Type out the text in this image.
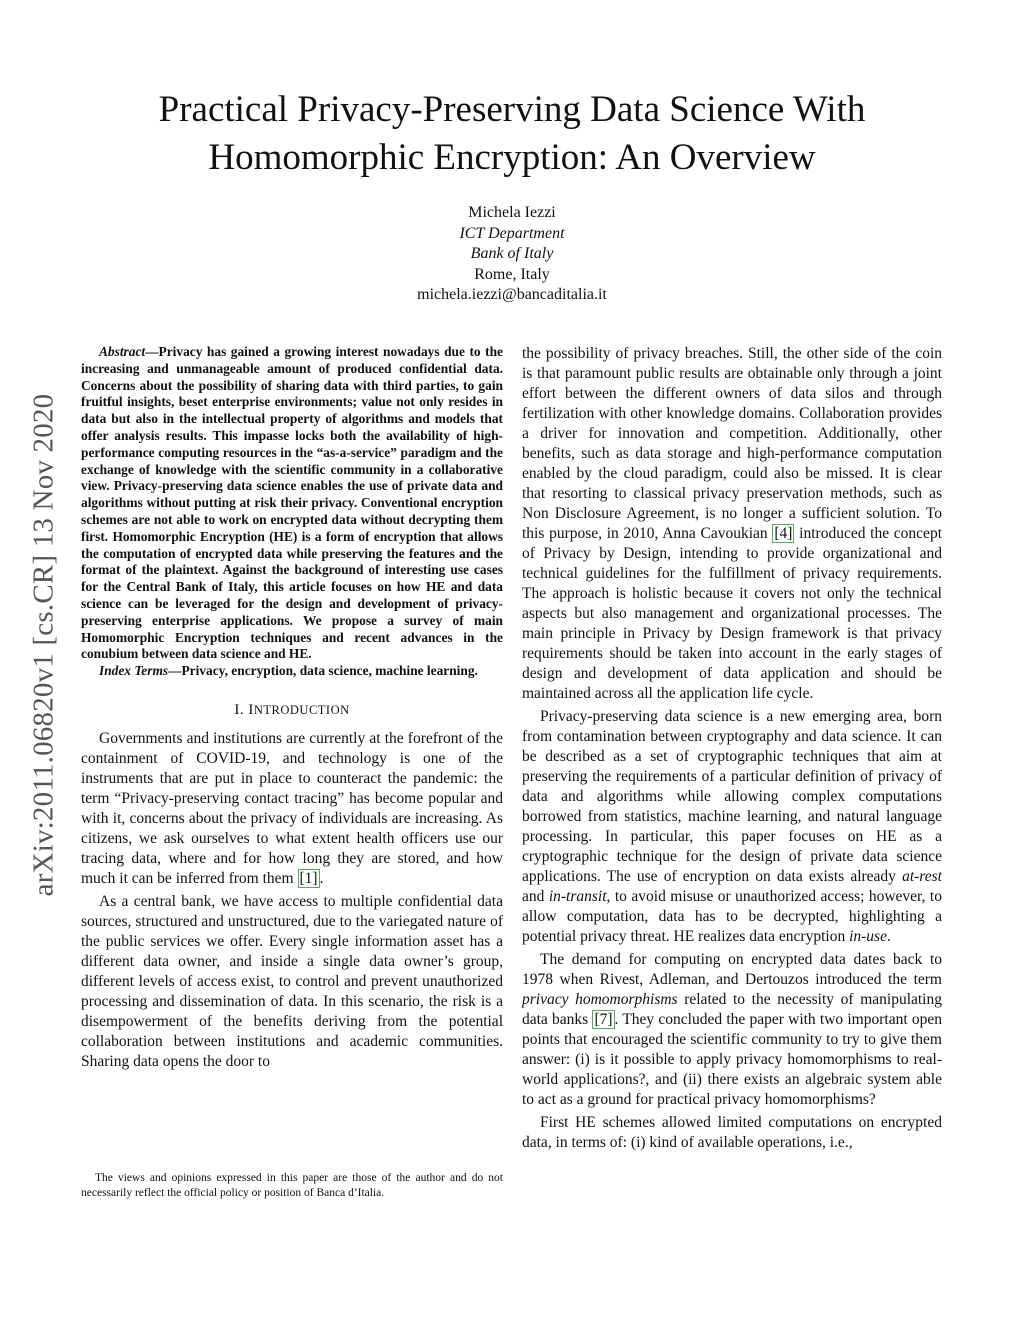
Practical Privacy-Preserving Data Science With
Homomorphic Encryption: An Overview
Michela Iezzi
ICT Department
Bank of Italy
Rome, Italy
michela.iezzi@bancaditalia.it
arXiv:2011.06820v1 [cs.CR] 13 Nov 2020

Abstract—Privacy has gained a growing interest nowadays due to the increasing and unmanageable amount of produced confidential data. Concerns about the possibility of sharing data with third parties, to gain fruitful insights, beset enterprise environments; value not only resides in data but also in the intellectual property of algorithms and models that offer analysis results. This impasse locks both the availability of high-performance computing resources in the “as-a-service” paradigm and the exchange of knowledge with the scientific community in a collaborative view. Privacy-preserving data science enables the use of private data and algorithms without putting at risk their privacy. Conventional encryption schemes are not able to work on encrypted data without decrypting them first. Homomorphic Encryption (HE) is a form of encryption that allows the computation of encrypted data while preserving the features and the format of the plaintext. Against the background of interesting use cases for the Central Bank of Italy, this article focuses on how HE and data science can be leveraged for the design and development of privacy-preserving enterprise applications. We propose a survey of main Homomorphic Encryption techniques and recent advances in the conubium between data science and HE.

Index Terms—Privacy, encryption, data science, machine learning.

I. INTRODUCTION

Governments and institutions are currently at the forefront of the containment of COVID-19, and technology is one of the instruments that are put in place to counteract the pandemic: the term “Privacy-preserving contact tracing” has become popular and with it, concerns about the privacy of individuals are increasing. As citizens, we ask ourselves to what extent health officers use our tracing data, where and for how long they are stored, and how much it can be inferred from them [1] .

As a central bank, we have access to multiple confidential data sources, structured and unstructured, due to the variegated nature of the public services we offer. Every single information asset has a different data owner, and inside a single data owner’s group, different levels of access exist, to control and prevent unauthorized processing and dissemination of data. In this scenario, the risk is a disempowerment of the benefits deriving from the potential collaboration between institutions and academic communities. Sharing data opens the door to

The views and opinions expressed in this paper are those of the author and do not necessarily reflect the official policy or position of Banca d’Italia.

the possibility of privacy breaches. Still, the other side of the coin is that paramount public results are obtainable only through a joint effort between the different owners of data silos and through fertilization with other knowledge domains. Collaboration provides a driver for innovation and competition. Additionally, other benefits, such as data storage and high-performance computation enabled by the cloud paradigm, could also be missed. It is clear that resorting to classical privacy preservation methods, such as Non Disclosure Agreement, is no longer a sufficient solution. To this purpose, in 2010, Anna Cavoukian [4] introduced the concept of Privacy by Design, intending to provide organizational and technical guidelines for the fulfillment of privacy requirements. The approach is holistic because it covers not only the technical aspects but also management and organizational processes. The main principle in Privacy by Design framework is that privacy requirements should be taken into account in the early stages of design and development of data application and should be maintained across all the application life cycle.

Privacy-preserving data science is a new emerging area, born from contamination between cryptography and data science. It can be described as a set of cryptographic techniques that aim at preserving the requirements of a particular definition of privacy of data and algorithms while allowing complex computations borrowed from statistics, machine learning, and natural language processing. In particular, this paper focuses on HE as a cryptographic technique for the design of private data science applications. The use of encryption on data exists already at-rest and in-transit, to avoid misuse or unauthorized access; however, to allow computation, data has to be decrypted, highlighting a potential privacy threat. HE realizes data encryption in-use.

The demand for computing on encrypted data dates back to 1978 when Rivest, Adleman, and Dertouzos introduced the term privacy homomorphisms related to the necessity of manipulating data banks [7] . They concluded the paper with two important open points that encouraged the scientific community to try to give them answer: (i) is it possible to apply privacy homomorphisms to real-world applications?, and (ii) there exists an algebraic system able to act as a ground for practical privacy homomorphisms?

First HE schemes allowed limited computations on encrypted data, in terms of: (i) kind of available operations, i.e.,
